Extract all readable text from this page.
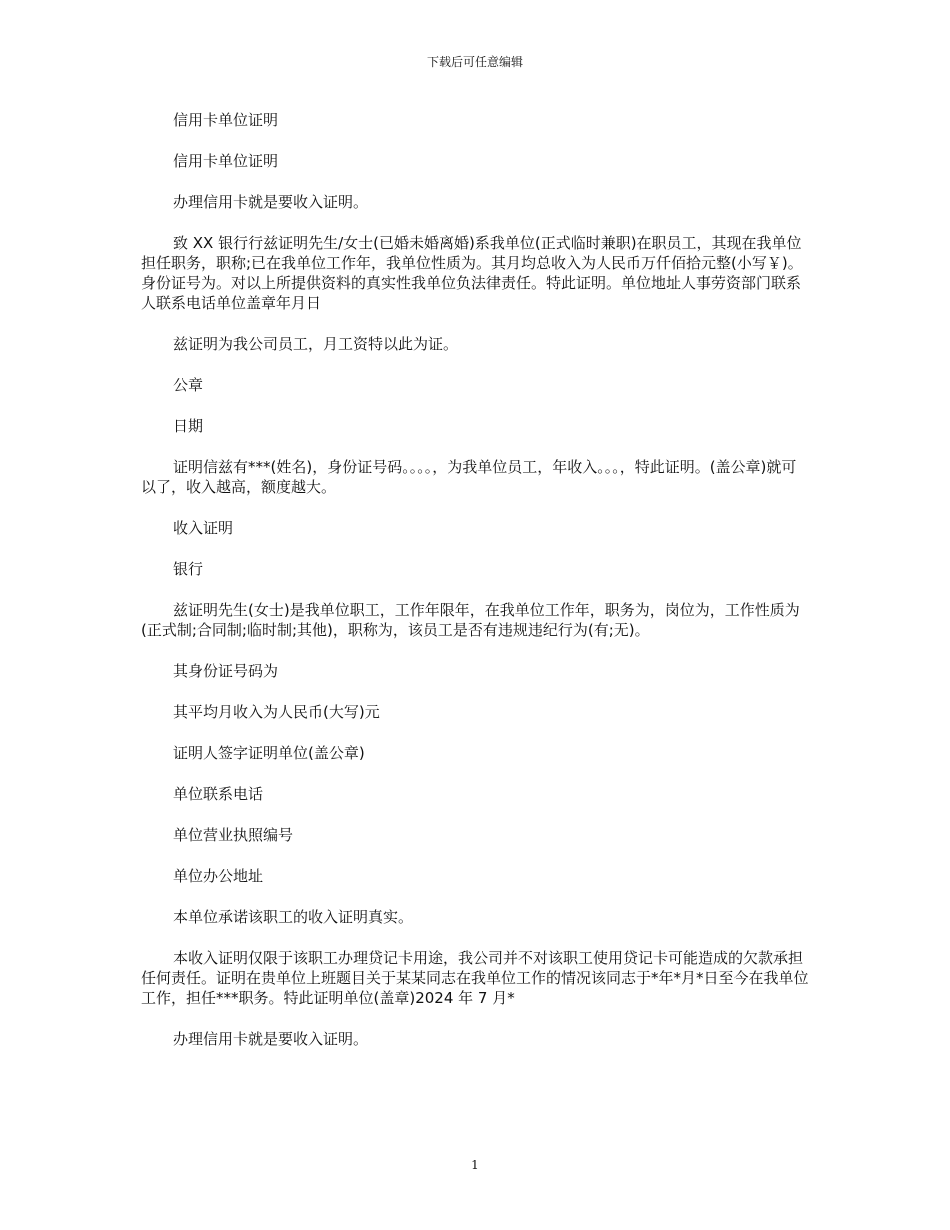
下载后可任意编辑

信用卡单位证明

信用卡单位证明

办理信用卡就是要收入证明。

致 XX 银行行兹证明先生/女士(已婚未婚离婚)系我单位(正式临时兼职)在职员工，其现在我单位担任职务，职称;已在我单位工作年，我单位性质为。其月均总收入为人民币万仟佰拾元整(小写￥)。身份证号为。对以上所提供资料的真实性我单位负法律责任。特此证明。单位地址人事劳资部门联系人联系电话单位盖章年月日

兹证明为我公司员工，月工资特以此为证。

公章

日期

证明信兹有***(姓名)，身份证号码。。。。，为我单位员工，年收入。。。，特此证明。(盖公章)就可以了，收入越高，额度越大。

收入证明

银行

兹证明先生(女士)是我单位职工，工作年限年，在我单位工作年，职务为，岗位为，工作性质为(正式制;合同制;临时制;其他)，职称为，该员工是否有违规违纪行为(有;无)。

其身份证号码为

其平均月收入为人民币(大写)元

证明人签字证明单位(盖公章)

单位联系电话

单位营业执照编号

单位办公地址

本单位承诺该职工的收入证明真实。

本收入证明仅限于该职工办理贷记卡用途，我公司并不对该职工使用贷记卡可能造成的欠款承担任何责任。证明在贵单位上班题目关于某某同志在我单位工作的情况该同志于*年*月*日至今在我单位工作，担任***职务。特此证明单位(盖章)2024 年 7 月*

办理信用卡就是要收入证明。

1
